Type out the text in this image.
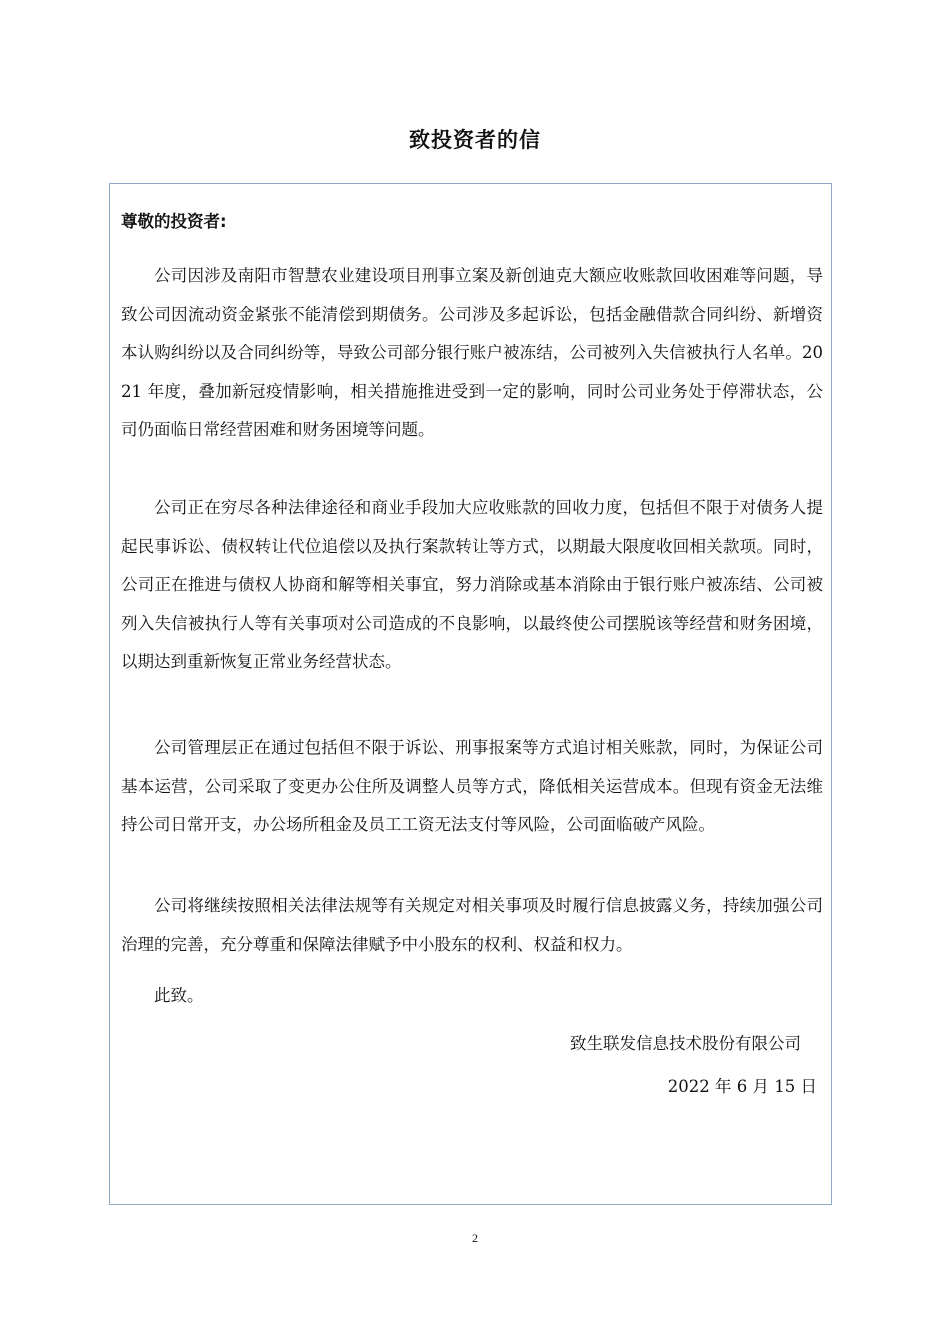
致投资者的信
尊敬的投资者:

公司因涉及南阳市智慧农业建设项目刑事立案及新创迪克大额应收账款回收困难等问题，导致公司因流动资金紧张不能清偿到期债务。公司涉及多起诉讼，包括金融借款合同纠纷、新增资本认购纠纷以及合同纠纷等，导致公司部分银行账户被冻结，公司被列入失信被执行人名单。2021 年度，叠加新冠疫情影响，相关措施推进受到一定的影响，同时公司业务处于停滞状态，公司仍面临日常经营困难和财务困境等问题。

公司正在穷尽各种法律途径和商业手段加大应收账款的回收力度，包括但不限于对债务人提起民事诉讼、债权转让代位追偿以及执行案款转让等方式，以期最大限度收回相关款项。同时，公司正在推进与债权人协商和解等相关事宜，努力消除或基本消除由于银行账户被冻结、公司被列入失信被执行人等有关事项对公司造成的不良影响，以最终使公司摆脱该等经营和财务困境，以期达到重新恢复正常业务经营状态。

公司管理层正在通过包括但不限于诉讼、刑事报案等方式追讨相关账款，同时，为保证公司基本运营，公司采取了变更办公住所及调整人员等方式，降低相关运营成本。但现有资金无法维持公司日常开支，办公场所租金及员工工资无法支付等风险，公司面临破产风险。

公司将继续按照相关法律法规等有关规定对相关事项及时履行信息披露义务，持续加强公司治理的完善，充分尊重和保障法律赋予中小股东的权利、权益和权力。

此致。
致生联发信息技术股份有限公司
2022 年 6 月 15 日
2
